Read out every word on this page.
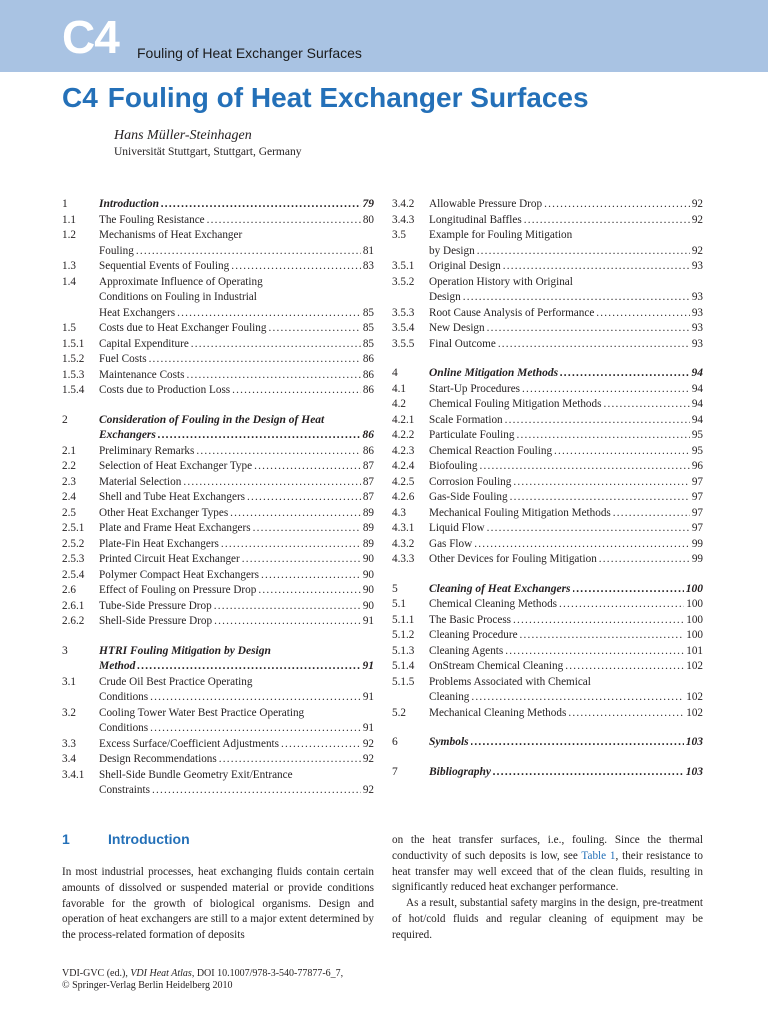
C4 Fouling of Heat Exchanger Surfaces
C4 Fouling of Heat Exchanger Surfaces
Hans Müller-Steinhagen
Universität Stuttgart, Stuttgart, Germany
1	Introduction .....	79
1.1	The Fouling Resistance .....	80
1.2	Mechanisms of Heat Exchanger
Fouling .....	81
1.3	Sequential Events of Fouling .....	83
1.4	Approximate Influence of Operating
Conditions on Fouling in Industrial
Heat Exchangers .....	85
1.5	Costs due to Heat Exchanger Fouling .....	85
1.5.1	Capital Expenditure .....	85
1.5.2	Fuel Costs .....	86
1.5.3	Maintenance Costs .....	86
1.5.4	Costs due to Production Loss .....	86
2	Consideration of Fouling in the Design of Heat
Exchangers .....	86
2.1	Preliminary Remarks .....	86
2.2	Selection of Heat Exchanger Type .....	87
2.3	Material Selection .....	87
2.4	Shell and Tube Heat Exchangers .....	87
2.5	Other Heat Exchanger Types .....	89
2.5.1	Plate and Frame Heat Exchangers .....	89
2.5.2	Plate-Fin Heat Exchangers .....	89
2.5.3	Printed Circuit Heat Exchanger .....	90
2.5.4	Polymer Compact Heat Exchangers .....	90
2.6	Effect of Fouling on Pressure Drop .....	90
2.6.1	Tube-Side Pressure Drop .....	90
2.6.2	Shell-Side Pressure Drop .....	91
3	HTRI Fouling Mitigation by Design
Method .....	91
3.1	Crude Oil Best Practice Operating
Conditions .....	91
3.2	Cooling Tower Water Best Practice Operating
Conditions .....	91
3.3	Excess Surface/Coefficient Adjustments .....	92
3.4	Design Recommendations .....	92
3.4.1	Shell-Side Bundle Geometry Exit/Entrance
Constraints .....	92
3.4.2	Allowable Pressure Drop .....	92
3.4.3	Longitudinal Baffles .....	92
3.5	Example for Fouling Mitigation
by Design .....	92
3.5.1	Original Design .....	93
3.5.2	Operation History with Original
Design .....	93
3.5.3	Root Cause Analysis of Performance .....	93
3.5.4	New Design .....	93
3.5.5	Final Outcome .....	93
4	Online Mitigation Methods .....	94
4.1	Start-Up Procedures .....	94
4.2	Chemical Fouling Mitigation Methods .....	94
4.2.1	Scale Formation .....	94
4.2.2	Particulate Fouling .....	95
4.2.3	Chemical Reaction Fouling .....	95
4.2.4	Biofouling .....	96
4.2.5	Corrosion Fouling .....	97
4.2.6	Gas-Side Fouling .....	97
4.3	Mechanical Fouling Mitigation Methods .....	97
4.3.1	Liquid Flow .....	97
4.3.2	Gas Flow .....	99
4.3.3	Other Devices for Fouling Mitigation .....	99
5	Cleaning of Heat Exchangers .....	100
5.1	Chemical Cleaning Methods .....	100
5.1.1	The Basic Process .....	100
5.1.2	Cleaning Procedure .....	100
5.1.3	Cleaning Agents .....	101
5.1.4	OnStream Chemical Cleaning .....	102
5.1.5	Problems Associated with Chemical
Cleaning .....	102
5.2	Mechanical Cleaning Methods .....	102
6	Symbols .....	103
7	Bibliography .....	103
1	Introduction

In most industrial processes, heat exchanging fluids contain certain amounts of dissolved or suspended material or provide conditions favorable for the growth of biological organisms. Design and operation of heat exchangers are still to a major extent determined by the process-related formation of deposits

on the heat transfer surfaces, i.e., fouling. Since the thermal conductivity of such deposits is low, see Table 1, their resistance to heat transfer may well exceed that of the clean fluids, resulting in significantly reduced heat exchanger performance.

As a result, substantial safety margins in the design, pre-treatment of hot/cold fluids and regular cleaning of equipment may be required.

VDI-GVC (ed.), VDI Heat Atlas, DOI 10.1007/978-3-540-77877-6_7,
© Springer-Verlag Berlin Heidelberg 2010
